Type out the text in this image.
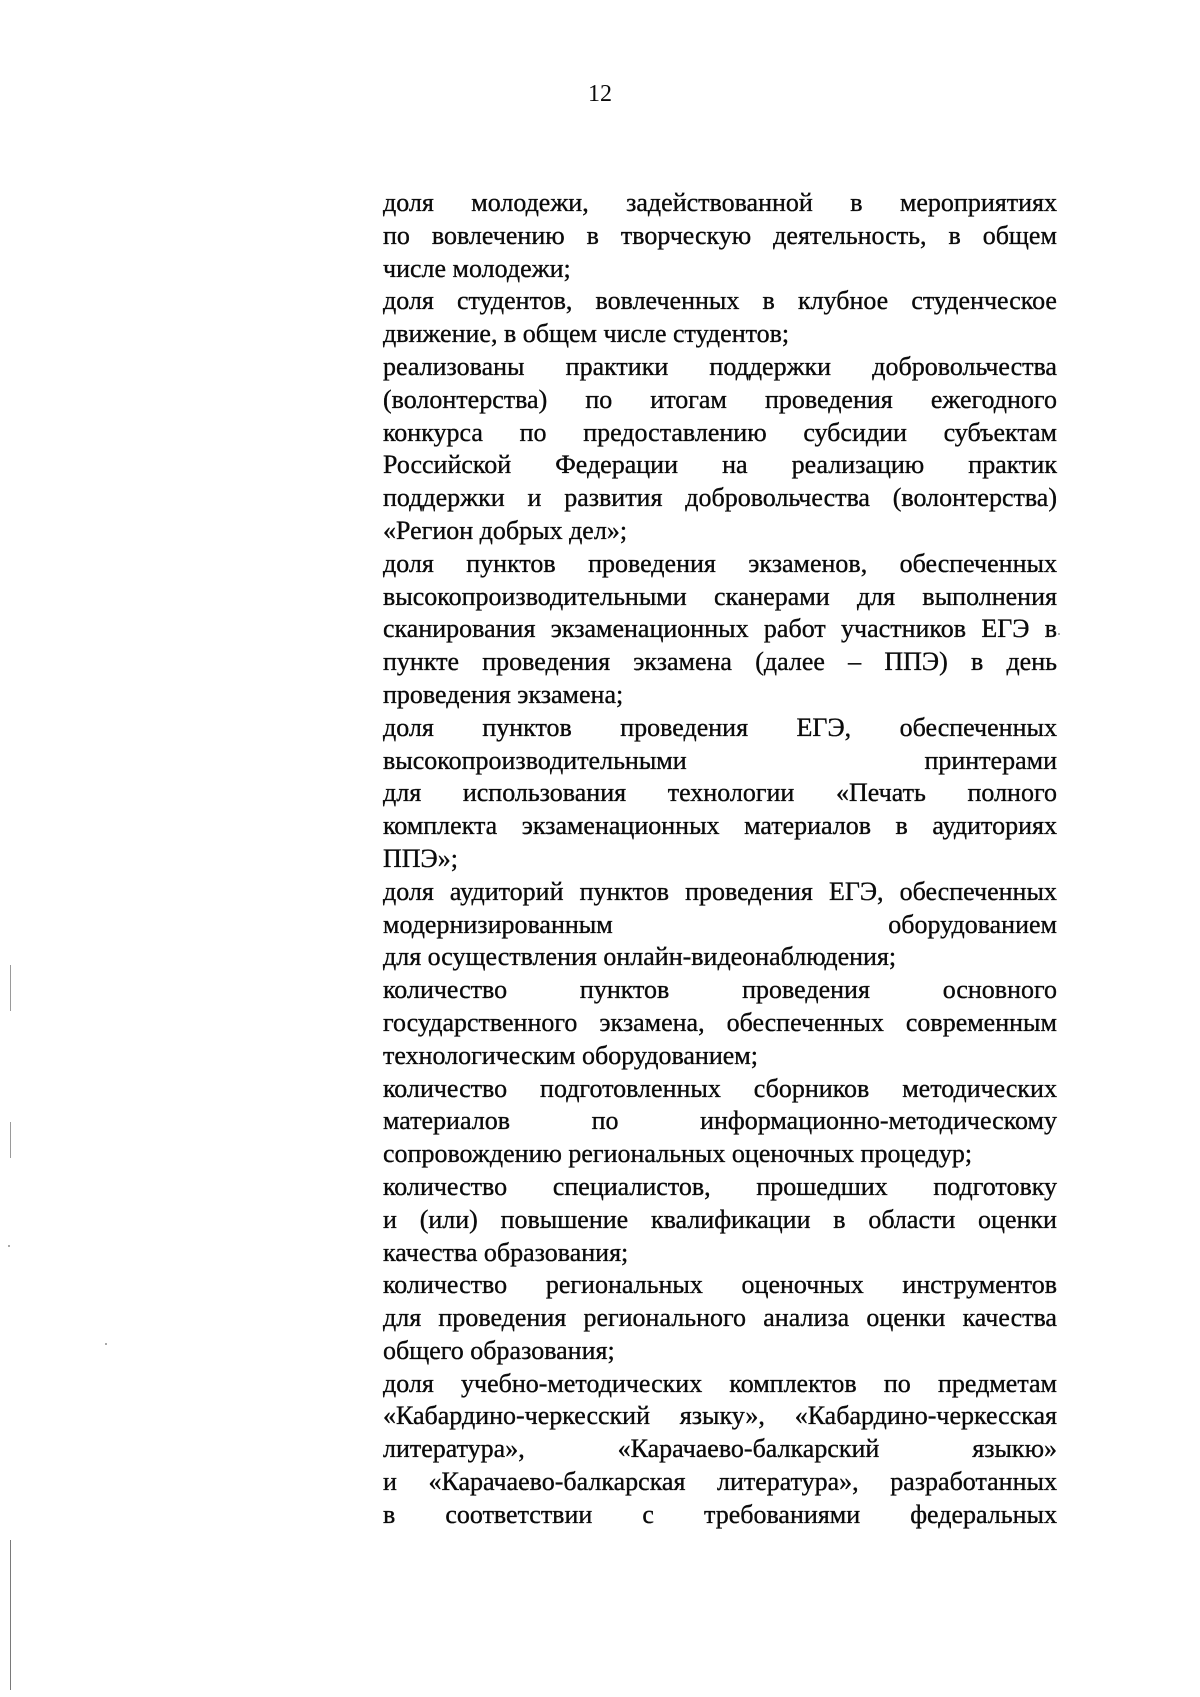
12
доля молодежи, задействованной в мероприятиях
по вовлечению в творческую деятельность, в общем
числе молодежи;
доля студентов, вовлеченных в клубное студенческое
движение, в общем числе студентов;
реализованы практики поддержки добровольчества
(волонтерства) по итогам проведения ежегодного
конкурса по предоставлению субсидии субъектам
Российской Федерации на реализацию практик
поддержки и развития добровольчества (волонтерства)
«Регион добрых дел»;
доля пунктов проведения экзаменов, обеспеченных
высокопроизводительными сканерами для выполнения
сканирования экзаменационных работ участников ЕГЭ в
пункте проведения экзамена (далее – ППЭ) в день
проведения экзамена;
доля пунктов проведения ЕГЭ, обеспеченных
высокопроизводительными	принтерами
для использования технологии «Печать полного
комплекта экзаменационных материалов в аудиториях
ППЭ»;
доля аудиторий пунктов проведения ЕГЭ, обеспеченных
модернизированным	оборудованием
для осуществления онлайн-видеонаблюдения;
количество	пунктов	проведения	основного
государственного экзамена, обеспеченных современным
технологическим оборудованием;
количество подготовленных сборников методических
материалов	по	информационно-методическому
сопровождению региональных оценочных процедур;
количество специалистов, прошедших подготовку
и (или) повышение квалификации в области оценки
качества образования;
количество региональных оценочных инструментов
для проведения регионального анализа оценки качества
общего образования;
доля учебно-методических комплектов по предметам
«Кабардино-черкесский языку», «Кабардино-черкесская
литература»,	«Карачаево-балкарский	языкю»
и «Карачаево-балкарская литература», разработанных
в соответствии с требованиями федеральных
